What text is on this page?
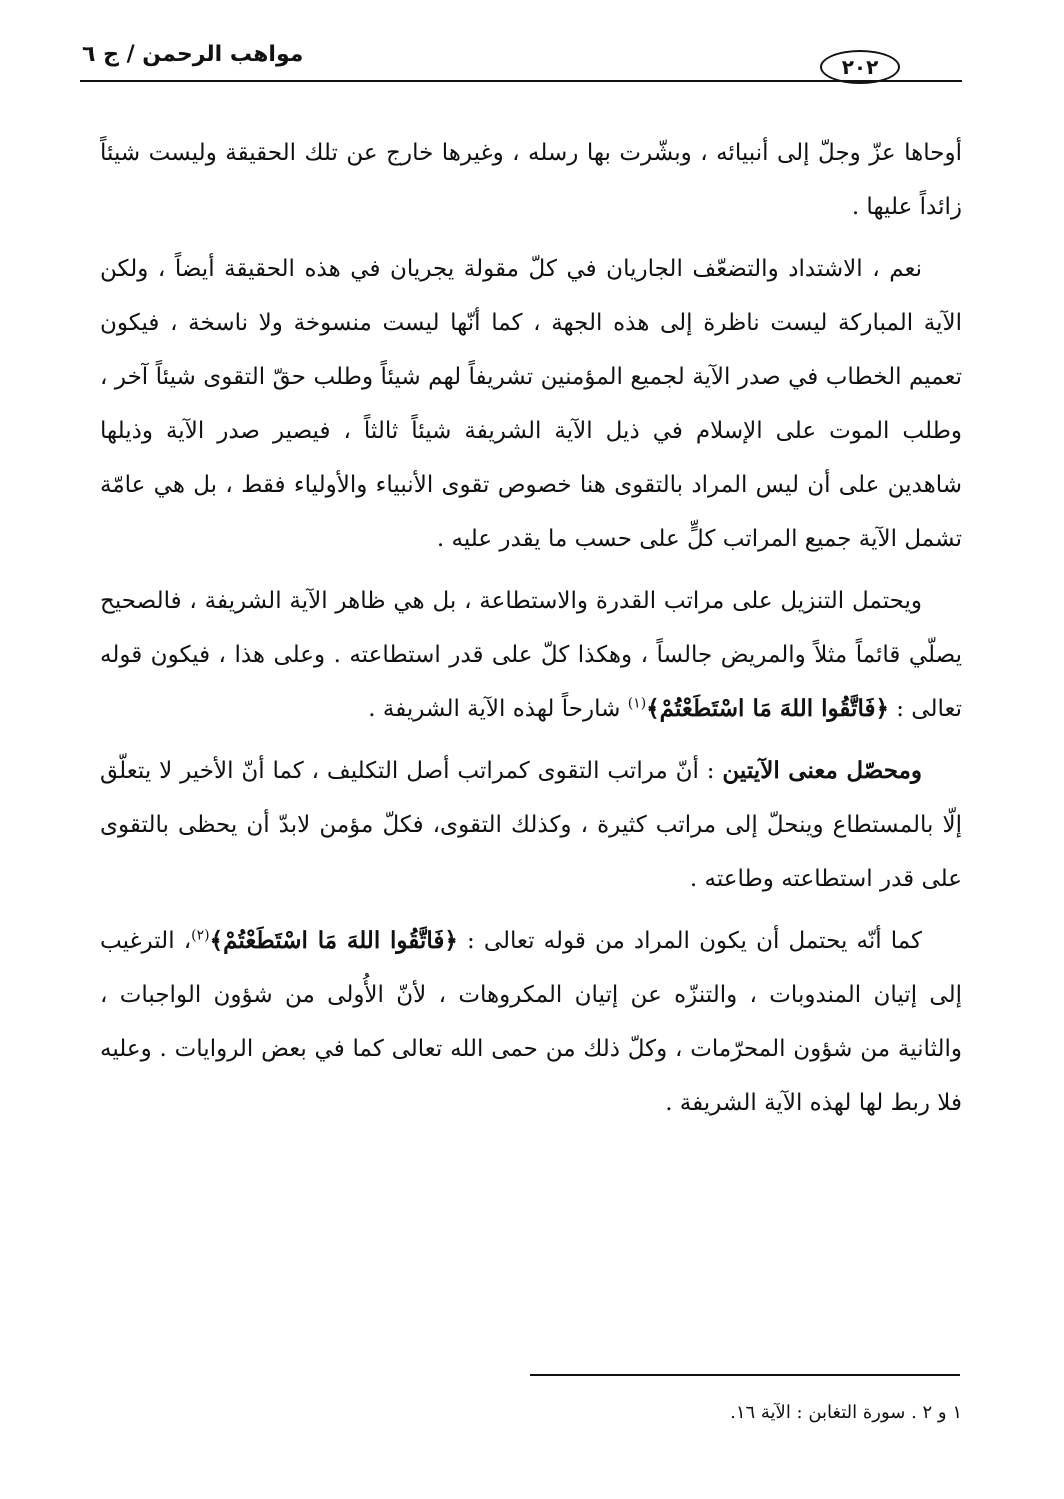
مواهب الرحمن / ج ٦	٢٠٢

أوحاها عزّ وجلّ إلى أنبيائه ، وبشّرت بها رسله ، وغيرها خارج عن تلك الحقيقة وليست شيئاً زائداً عليها .

نعم ، الاشتداد والتضعّف الجاريان في كلّ مقولة يجريان في هذه الحقيقة أيضاً ، ولكن الآية المباركة ليست ناظرة إلى هذه الجهة ، كما أنّها ليست منسوخة ولا ناسخة ، فيكون تعميم الخطاب في صدر الآية لجميع المؤمنين تشريفاً لهم شيئاً وطلب حقّ التقوى شيئاً آخر ، وطلب الموت على الإسلام في ذيل الآية الشريفة شيئاً ثالثاً ، فيصير صدر الآية وذيلها شاهدين على أن ليس المراد بالتقوى هنا خصوص تقوى الأنبياء والأولياء فقط ، بل هي عامّة تشمل الآية جميع المراتب كلٍّ على حسب ما يقدر عليه .

ويحتمل التنزيل على مراتب القدرة والاستطاعة ، بل هي ظاهر الآية الشريفة ، فالصحيح يصلّي قائماً مثلاً والمريض جالساً ، وهكذا كلّ على قدر استطاعته . وعلى هذا ، فيكون قوله تعالى : ﴿فَاتَّقُوا اللهَ مَا اسْتَطَعْتُمْ﴾$^{(١)}$ شارحاً لهذه الآية الشريفة .

ومحصّل معنى الآيتين : أنّ مراتب التقوى كمراتب أصل التكليف ، كما أنّ الأخير لا يتعلّق إلّا بالمستطاع وينحلّ إلى مراتب كثيرة ، وكذلك التقوى، فكلّ مؤمن لابدّ أن يحظى بالتقوى على قدر استطاعته وطاعته .

كما أنّه يحتمل أن يكون المراد من قوله تعالى : ﴿فَاتَّقُوا اللهَ مَا اسْتَطَعْتُمْ﴾$^{(٢)}$، الترغيب إلى إتيان المندوبات ، والتنزّه عن إتيان المكروهات ، لأنّ الأُولى من شؤون الواجبات ، والثانية من شؤون المحرّمات ، وكلّ ذلك من حمى الله تعالى كما في بعض الروايات . وعليه فلا ربط لها لهذه الآية الشريفة .

١ و ٢ . سورة التغابن : الآية ١٦.
